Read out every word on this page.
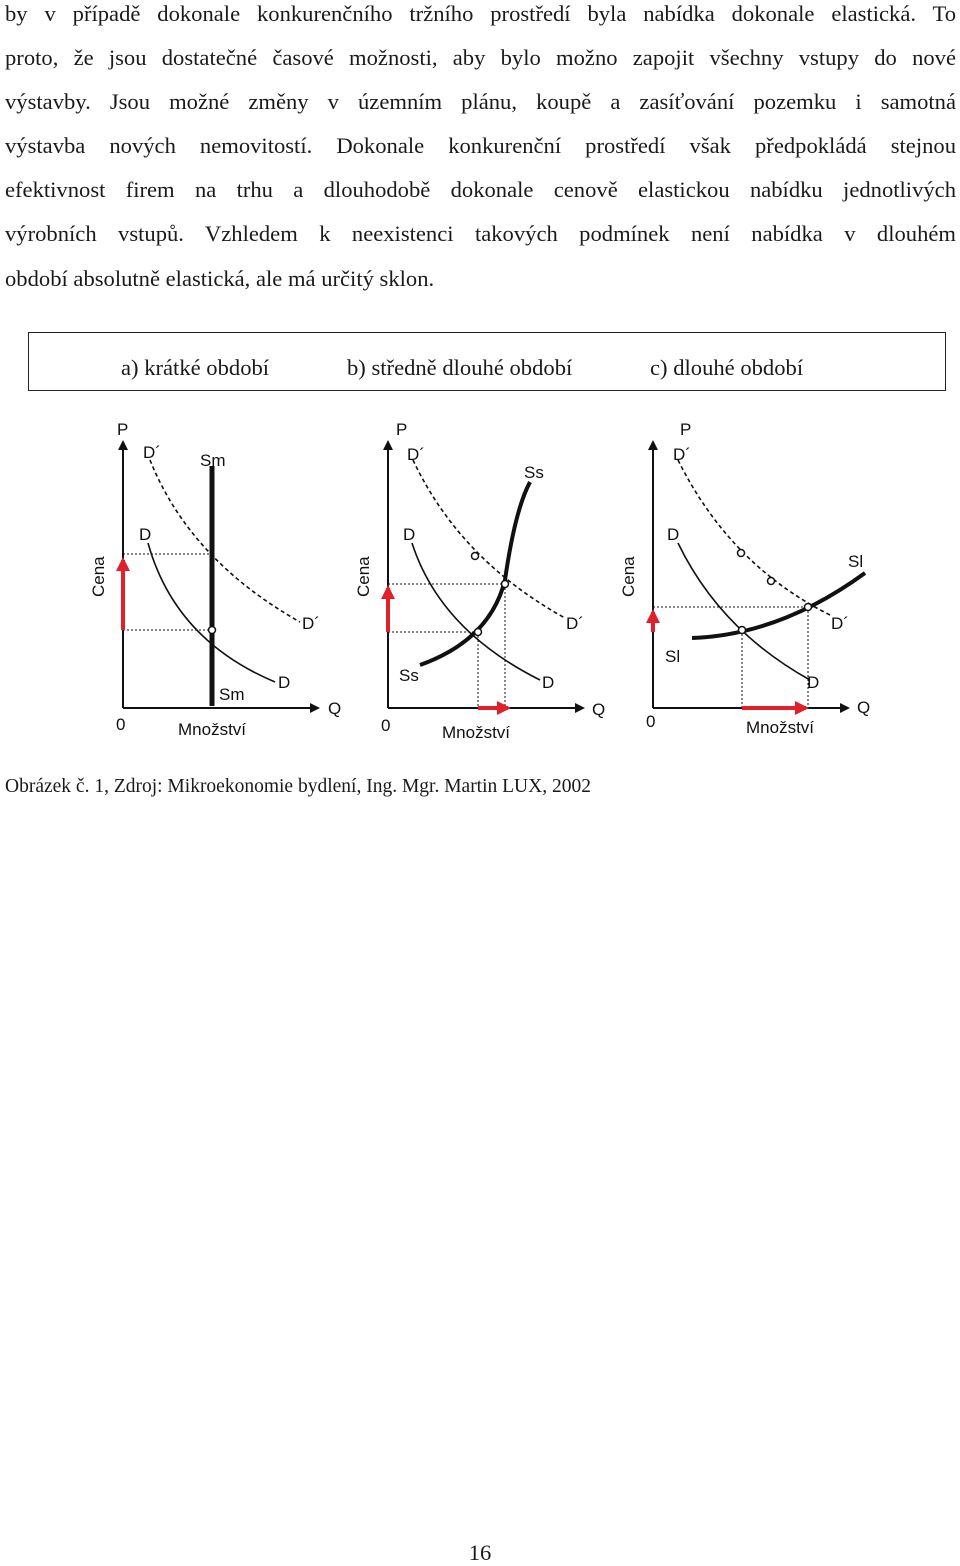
by v případě dokonale konkurenčního tržního prostředí byla nabídka dokonale elastická. To
proto, že jsou dostatečné časové možnosti, aby bylo možno zapojit všechny vstupy do nové
výstavby. Jsou možné změny v územním plánu, koupě a zasíťování pozemku i samotná
výstavba nových nemovitostí. Dokonale konkurenční prostředí však předpokládá stejnou
efektivnost firem na trhu a dlouhodobě dokonale cenově elastickou nabídku jednotlivých
výrobních vstupů. Vzhledem k neexistenci takových podmínek není nabídka v dlouhém
období absolutně elastická, ale má určitý sklon.
a) krátké období	b) středně dlouhé období	c) dlouhé období
P
Q
0
Cena
Množství
D´ Sm
D
D´
D
Sm
P
Q
0
Cena
Množství
D´
Ss
D
D´
D
Ss
P
Q
0
Cena
Množství
D´
Sl
D
D´
D
Sl
Obrázek č. 1, Zdroj: Mikroekonomie bydlení, Ing. Mgr. Martin LUX, 2002
16
